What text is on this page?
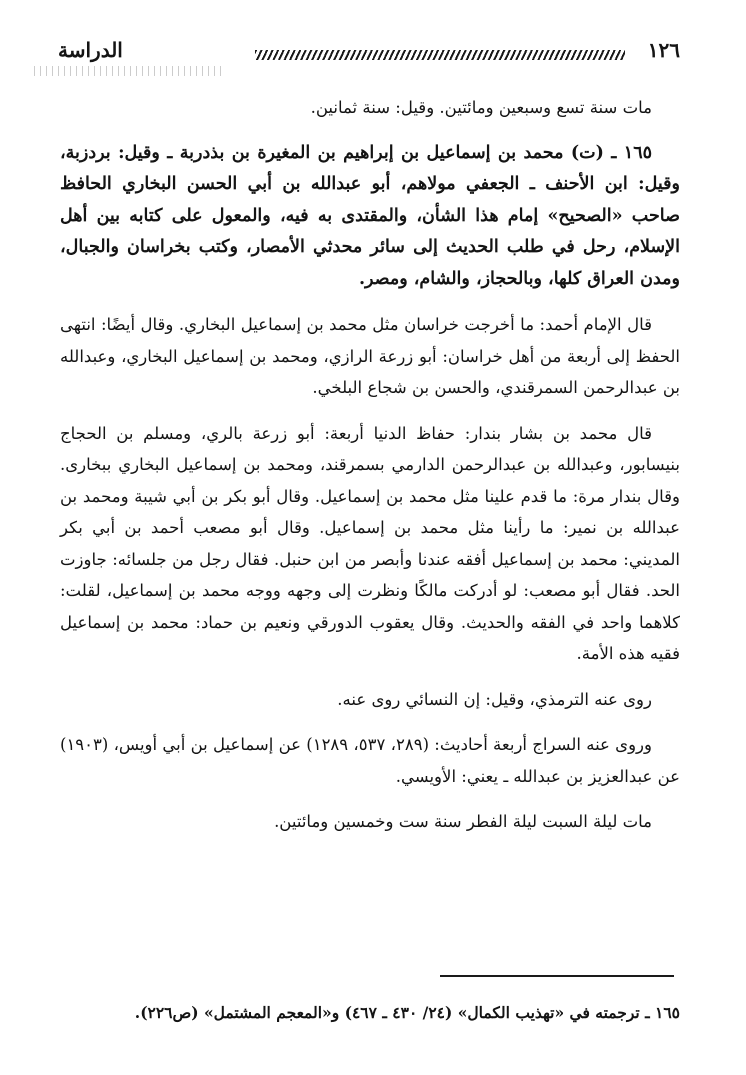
١٢٦
الدراسة

مات سنة تسع وسبعين ومائتين. وقيل: سنة ثمانين.

١٦٥ ـ (ت) محمد بن إسماعيل بن إبراهيم بن المغيرة بن بذدربة ـ وقيل: بردزبة، وقيل: ابن الأحنف ـ الجعفي مولاهم، أبو عبدالله بن أبي الحسن البخاري الحافظ صاحب «الصحيح» إمام هذا الشأن، والمقتدى به فيه، والمعول على كتابه بين أهل الإسلام، رحل في طلب الحديث إلى سائر محدثي الأمصار، وكتب بخراسان والجبال، ومدن العراق كلها، وبالحجاز، والشام، ومصر.

قال الإمام أحمد: ما أخرجت خراسان مثل محمد بن إسماعيل البخاري. وقال أيضًا: انتهى الحفظ إلى أربعة من أهل خراسان: أبو زرعة الرازي، ومحمد بن إسماعيل البخاري، وعبدالله بن عبدالرحمن السمرقندي، والحسن بن شجاع البلخي.

قال محمد بن بشار بندار: حفاظ الدنيا أربعة: أبو زرعة بالري، ومسلم بن الحجاج بنيسابور، وعبدالله بن عبدالرحمن الدارمي بسمرقند، ومحمد بن إسماعيل البخاري ببخارى. وقال بندار مرة: ما قدم علينا مثل محمد بن إسماعيل. وقال أبو بكر بن أبي شيبة ومحمد بن عبدالله بن نمير: ما رأينا مثل محمد بن إسماعيل. وقال أبو مصعب أحمد بن أبي بكر المديني: محمد بن إسماعيل أفقه عندنا وأبصر من ابن حنبل. فقال رجل من جلسائه: جاوزت الحد. فقال أبو مصعب: لو أدركت مالكًا ونظرت إلى وجهه ووجه محمد بن إسماعيل، لقلت: كلاهما واحد في الفقه والحديث. وقال يعقوب الدورقي ونعيم بن حماد: محمد بن إسماعيل فقيه هذه الأمة.

روى عنه الترمذي، وقيل: إن النسائي روى عنه.

وروى عنه السراج أربعة أحاديث: (٢٨٩، ٥٣٧، ١٢٨٩) عن إسماعيل بن أبي أويس، (١٩٠٣) عن عبدالعزيز بن عبدالله ـ يعني: الأويسي.

مات ليلة السبت ليلة الفطر سنة ست وخمسين ومائتين.

١٦٥ ـ ترجمته في «تهذيب الكمال» (٢٤/ ٤٣٠ ـ ٤٦٧) و«المعجم المشتمل» (ص٢٢٦).
